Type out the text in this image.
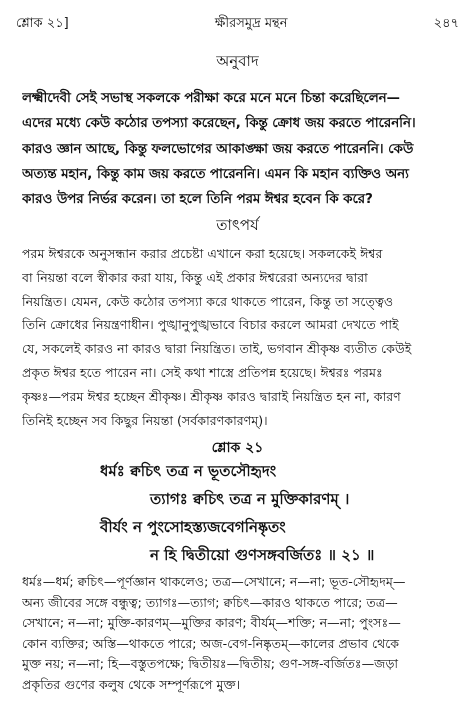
শ্লোক ২১]	ক্ষীরসমুদ্র মন্থন	২৪৭
অনুবাদ
লক্ষ্মীদেবী সেই সভাস্থ সকলকে পরীক্ষা করে মনে মনে চিন্তা করেছিলেন—
এদের মধ্যে কেউ কঠোর তপস্যা করেছেন, কিন্তু ক্রোধ জয় করতে পারেননি।
কারও জ্ঞান আছে, কিন্তু ফলভোগের আকাঙ্ক্ষা জয় করতে পারেননি। কেউ
অত্যন্ত মহান, কিন্তু কাম জয় করতে পারেননি। এমন কি মহান ব্যক্তিও অন্য
কারও উপর নির্ভর করেন। তা হলে তিনি পরম ঈশ্বর হবেন কি করে?
তাৎপর্য
পরম ঈশ্বরকে অনুসন্ধান করার প্রচেষ্টা এখানে করা হয়েছে। সকলকেই ঈশ্বর
বা নিয়ন্তা বলে স্বীকার করা যায়, কিন্তু এই প্রকার ঈশ্বরেরা অন্যদের দ্বারা
নিয়ন্ত্রিত। যেমন, কেউ কঠোর তপস্যা করে থাকতে পারেন, কিন্তু তা সত্ত্বেও
তিনি ক্রোধের নিয়ন্ত্রণাধীন। পুঙ্খানুপুঙ্খভাবে বিচার করলে আমরা দেখতে পাই
যে, সকলেই কারও না কারও দ্বারা নিয়ন্ত্রিত। তাই, ভগবান শ্রীকৃষ্ণ ব্যতীত কেউই
প্রকৃত ঈশ্বর হতে পারেন না। সেই কথা শাস্ত্রে প্রতিপন্ন হয়েছে। ঈশ্বরঃ পরমঃ
কৃষ্ণঃ—পরম ঈশ্বর হচ্ছেন শ্রীকৃষ্ণ। শ্রীকৃষ্ণ কারও দ্বারাই নিয়ন্ত্রিত হন না, কারণ
তিনিই হচ্ছেন সব কিছুর নিয়ন্তা (সর্বকারণকারণম্)।
শ্লোক ২১
ধর্মঃ ক্বচিৎ তত্র ন ভূতসৌহৃদং
ত্যাগঃ ক্বচিৎ তত্র ন মুক্তিকারণম্ ।
বীর্যং ন পুংসোহস্ত্যজবেগনিষ্কৃতং
ন হি দ্বিতীয়ো গুণসঙ্গবর্জিতঃ ॥ ২১ ॥
ধর্মঃ—ধর্ম; ক্বচিৎ—পূর্ণজ্ঞান থাকলেও; তত্র—সেখানে; ন—না; ভূত-সৌহৃদম্—
অন্য জীবের সঙ্গে বন্ধুত্ব; ত্যাগঃ—ত্যাগ; ক্বচিৎ—কারও থাকতে পারে; তত্র—
সেখানে; ন—না; মুক্তি-কারণম্—মুক্তির কারণ; বীর্যম্—শক্তি; ন—না; পুংসঃ—
কোন ব্যক্তির; অস্তি—থাকতে পারে; অজ-বেগ-নিষ্কৃতম্—কালের প্রভাব থেকে
মুক্ত নয়; ন—না; হি—বস্তুতপক্ষে; দ্বিতীয়ঃ—দ্বিতীয়; গুণ-সঙ্গ-বর্জিতঃ—জড়া
প্রকৃতির গুণের কলুষ থেকে সম্পূর্ণরূপে মুক্ত।
